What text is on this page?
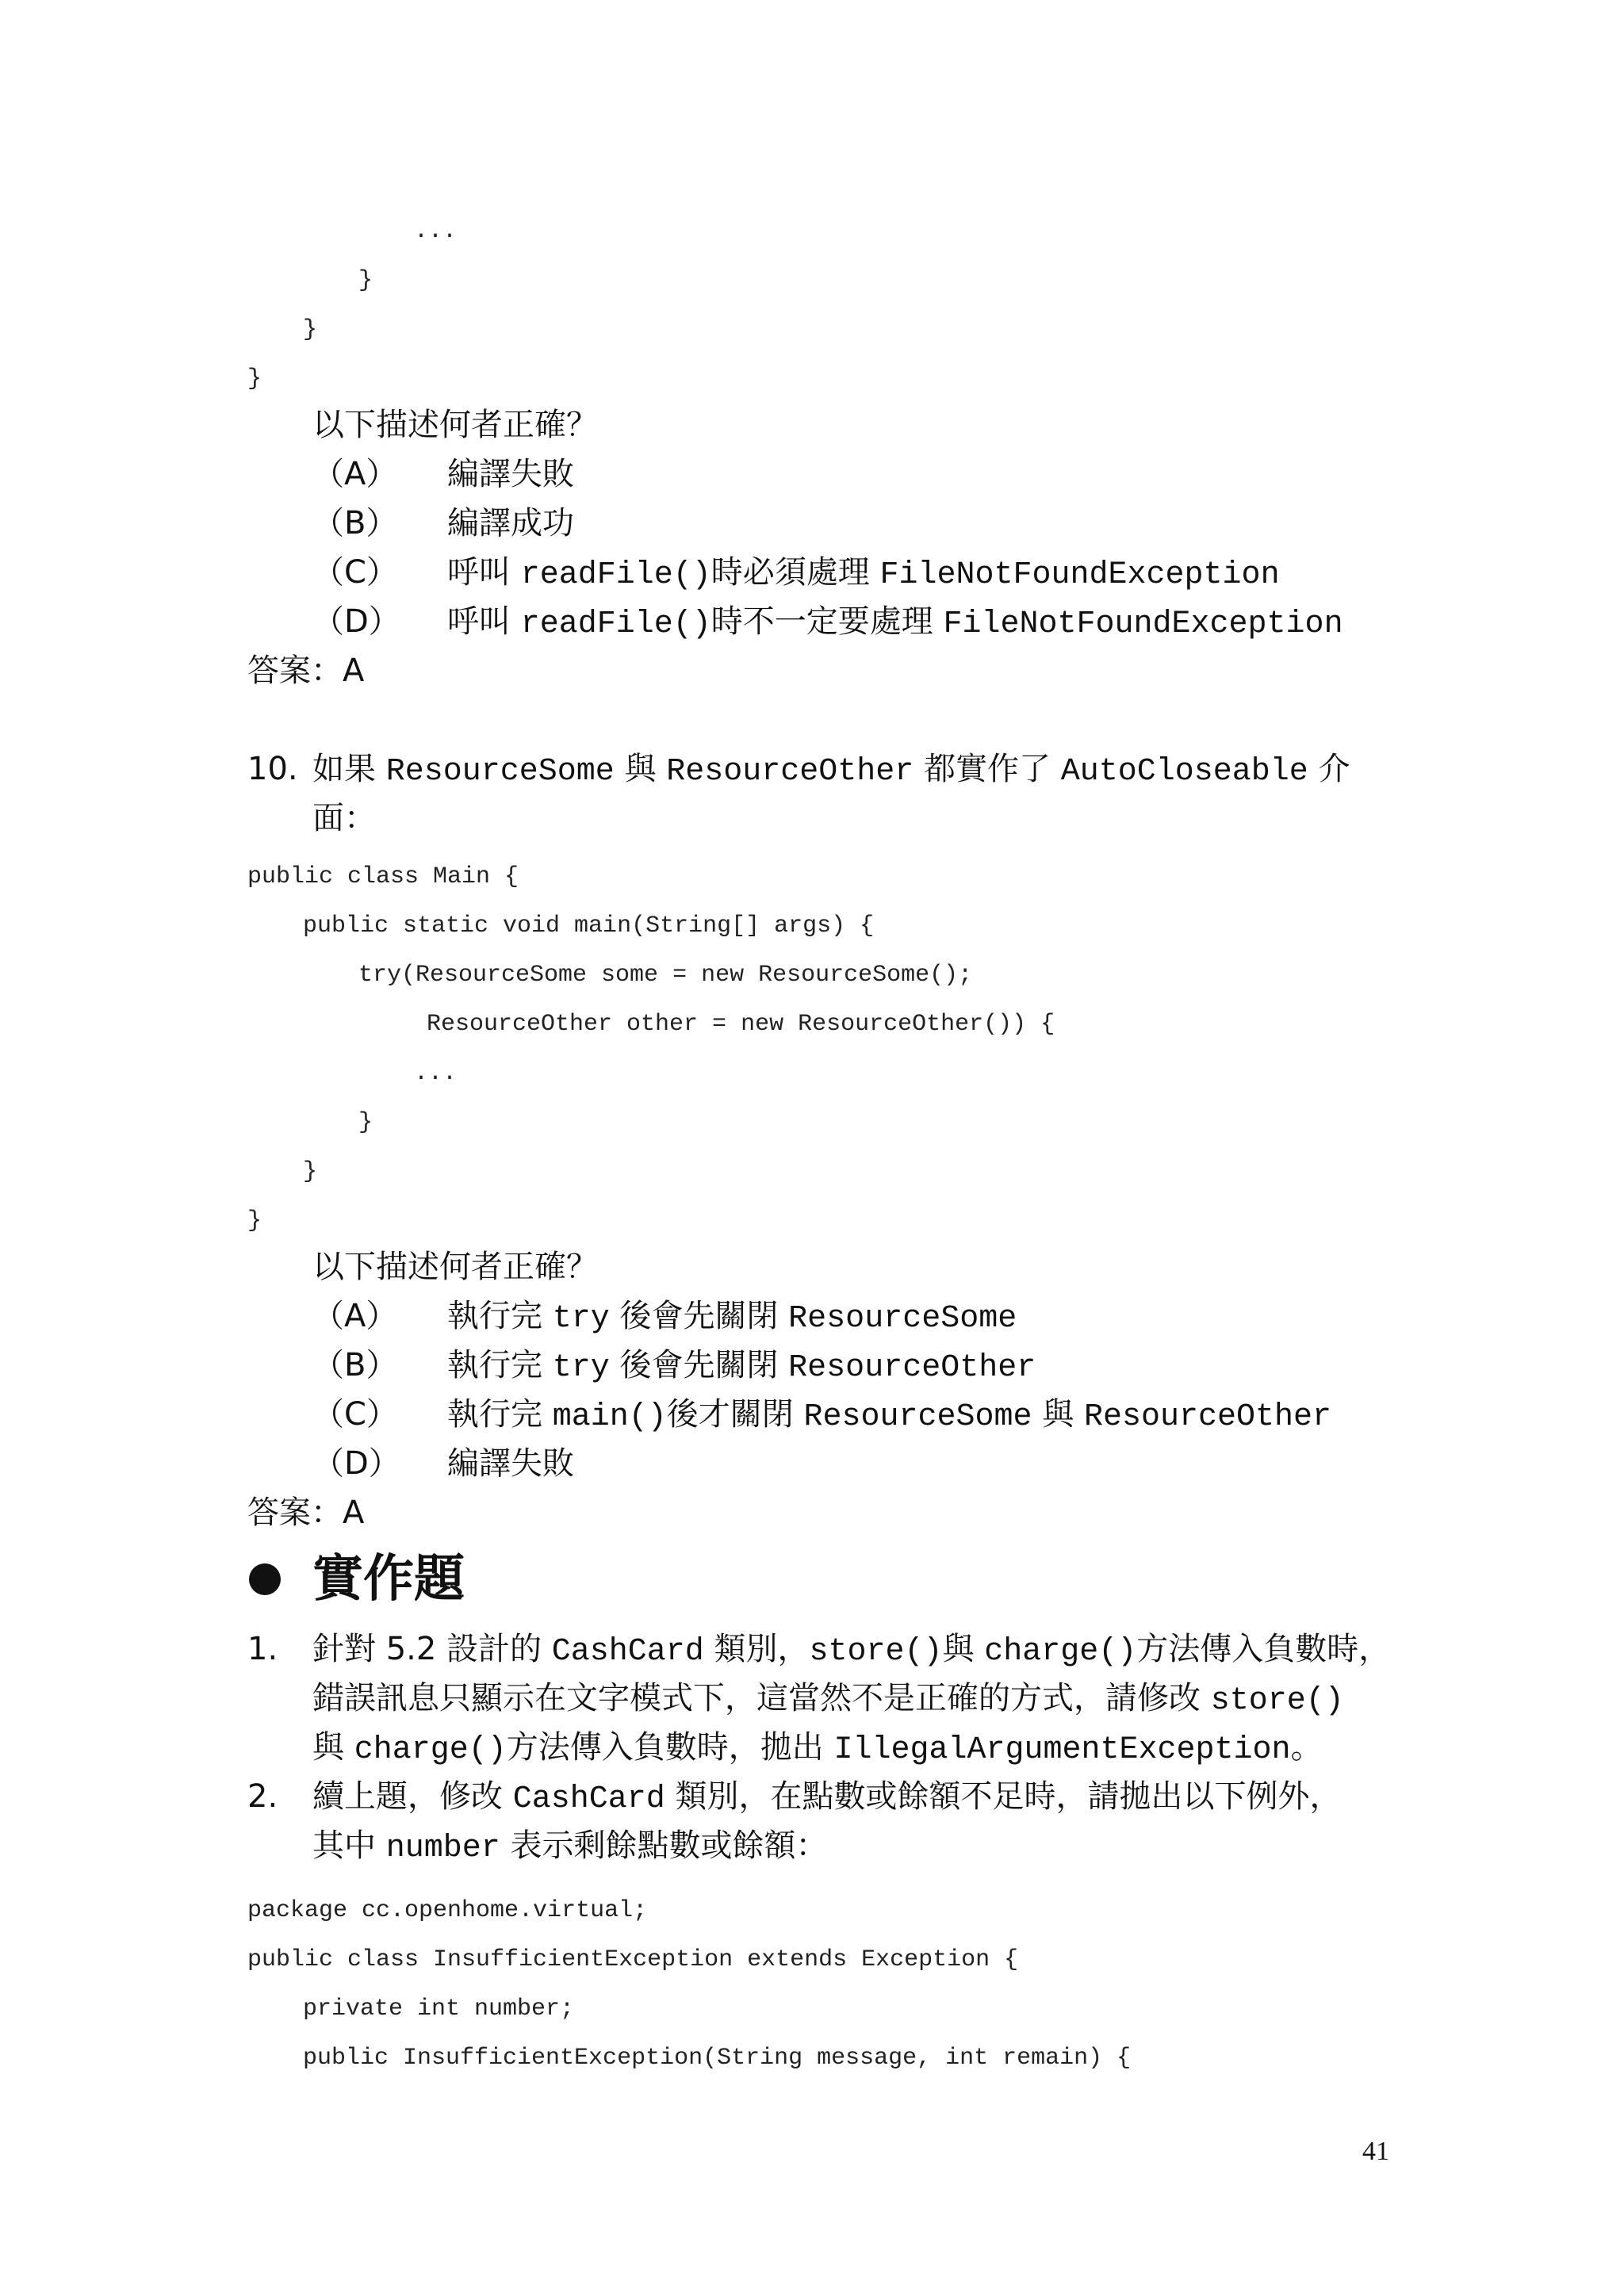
...
}
}
}
以下描述何者正確？
（A） 編譯失敗
（B） 編譯成功
（C） 呼叫 readFile()時必須處理 FileNotFoundException
（D） 呼叫 readFile()時不一定要處理 FileNotFoundException
答案：A
10. 如果 ResourceSome 與 ResourceOther 都實作了 AutoCloseable 介
面：
public class Main {
public static void main(String[] args) {
try(ResourceSome some = new ResourceSome();
ResourceOther other = new ResourceOther()) {
...
}
}
}
以下描述何者正確？
（A） 執行完 try 後會先關閉 ResourceSome
（B） 執行完 try 後會先關閉 ResourceOther
（C） 執行完 main()後才關閉 ResourceSome 與 ResourceOther
（D） 編譯失敗
答案：A
實作題
1. 針對 5.2 設計的 CashCard 類別，store()與 charge()方法傳入負數時，
錯誤訊息只顯示在文字模式下，這當然不是正確的方式，請修改 store()
與 charge()方法傳入負數時，拋出 IllegalArgumentException。
2. 續上題，修改 CashCard 類別，在點數或餘額不足時，請拋出以下例外，
其中 number 表示剩餘點數或餘額：
package cc.openhome.virtual;
public class InsufficientException extends Exception {
private int number;
public InsufficientException(String message, int remain) {
41
